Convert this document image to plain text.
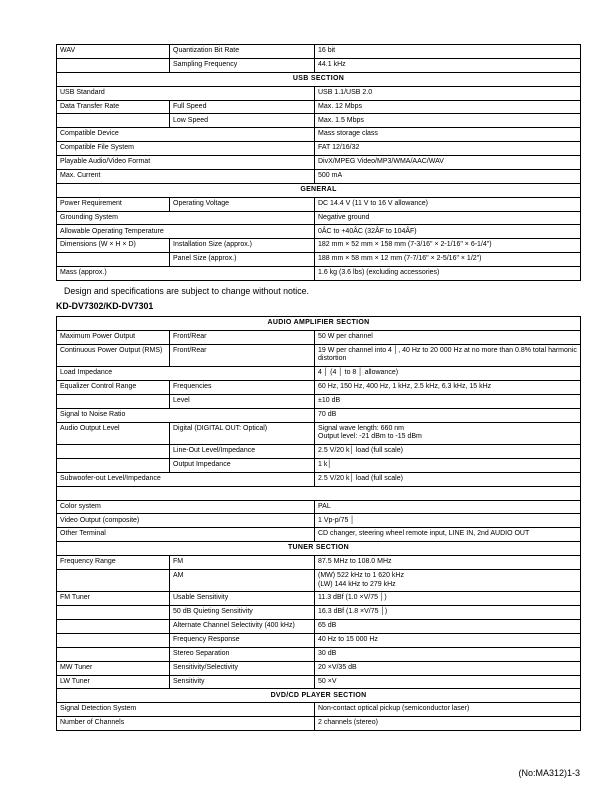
WAV	Quantization Bit Rate	16 bit
	Sampling Frequency	44.1 kHz
USB SECTION		
USB Standard		USB 1.1/USB 2.0
Data Transfer Rate	Full Speed	Max. 12 Mbps
	Low Speed	Max. 1.5 Mbps
Compatible Device		Mass storage class
Compatible File System		FAT 12/16/32
Playable Audio/Video Format		DivX/MPEG Video/MP3/WMA/AAC/WAV
Max. Current		500 mA
GENERAL		
Power Requirement	Operating Voltage	DC 14.4 V (11 V to 16 V allowance)
Grounding System		Negative ground
Allowable Operating Temperature		0ÂC to +40ÂC (32ÂF to 104ÂF)
Dimensions (W × H × D)	Installation Size (approx.)	182 mm × 52 mm × 158 mm (7-3/16" × 2-1/16" × 6-1/4")
	Panel Size (approx.)	188 mm × 58 mm × 12 mm (7-7/16" × 2-5/16" × 1/2")
Mass (approx.)		1.6 kg (3.6 lbs) (excluding accessories)
Design and specifications are subject to change without notice.
KD-DV7302/KD-DV7301
AUDIO AMPLIFIER SECTION		
Maximum Power Output	Front/Rear	50 W per channel
Continuous Power Output (RMS)	Front/Rear	19 W per channel into 4 │, 40 Hz to 20 000 Hz at no more than 0.8% total harmonic distortion
Load Impedance		4 │ (4 │ to 8 │ allowance)
Equalizer Control Range	Frequencies	60 Hz, 150 Hz, 400 Hz, 1 kHz, 2.5 kHz, 6.3 kHz, 15 kHz
	Level	±10 dB
Signal to Noise Ratio		70 dB
Audio Output Level	Digital (DIGITAL OUT: Optical)	Signal wave length: 660 nm
Output level: -21 dBm to -15 dBm
	Line-Out Level/Impedance	2.5 V/20 k│ load (full scale)
	Output Impedance	1 k│
Subwoofer-out Level/Impedance		2.5 V/20 k│ load (full scale)

Color system		PAL
Video Output (composite)		1 Vp-p/75 │
Other Terminal		CD changer, steering wheel remote input, LINE IN, 2nd AUDIO OUT
TUNER SECTION		
Frequency Range	FM	87.5 MHz to 108.0 MHz
	AM	(MW) 522 kHz to 1 620 kHz
(LW) 144 kHz to 279 kHz
FM Tuner	Usable Sensitivity	11.3 dBf (1.0 ×V/75 │)
	50 dB Quieting Sensitivity	16.3 dBf (1.8 ×V/75 │)
	Alternate Channel Selectivity (400 kHz)	65 dB
	Frequency Response	40 Hz to 15 000 Hz
	Stereo Separation	30 dB
MW Tuner	Sensitivity/Selectivity	20 ×V/35 dB
LW Tuner	Sensitivity	50 ×V
DVD/CD PLAYER SECTION		
Signal Detection System		Non-contact optical pickup (semiconductor laser)
Number of Channels		2 channels (stereo)
(No:MA312)1-3
